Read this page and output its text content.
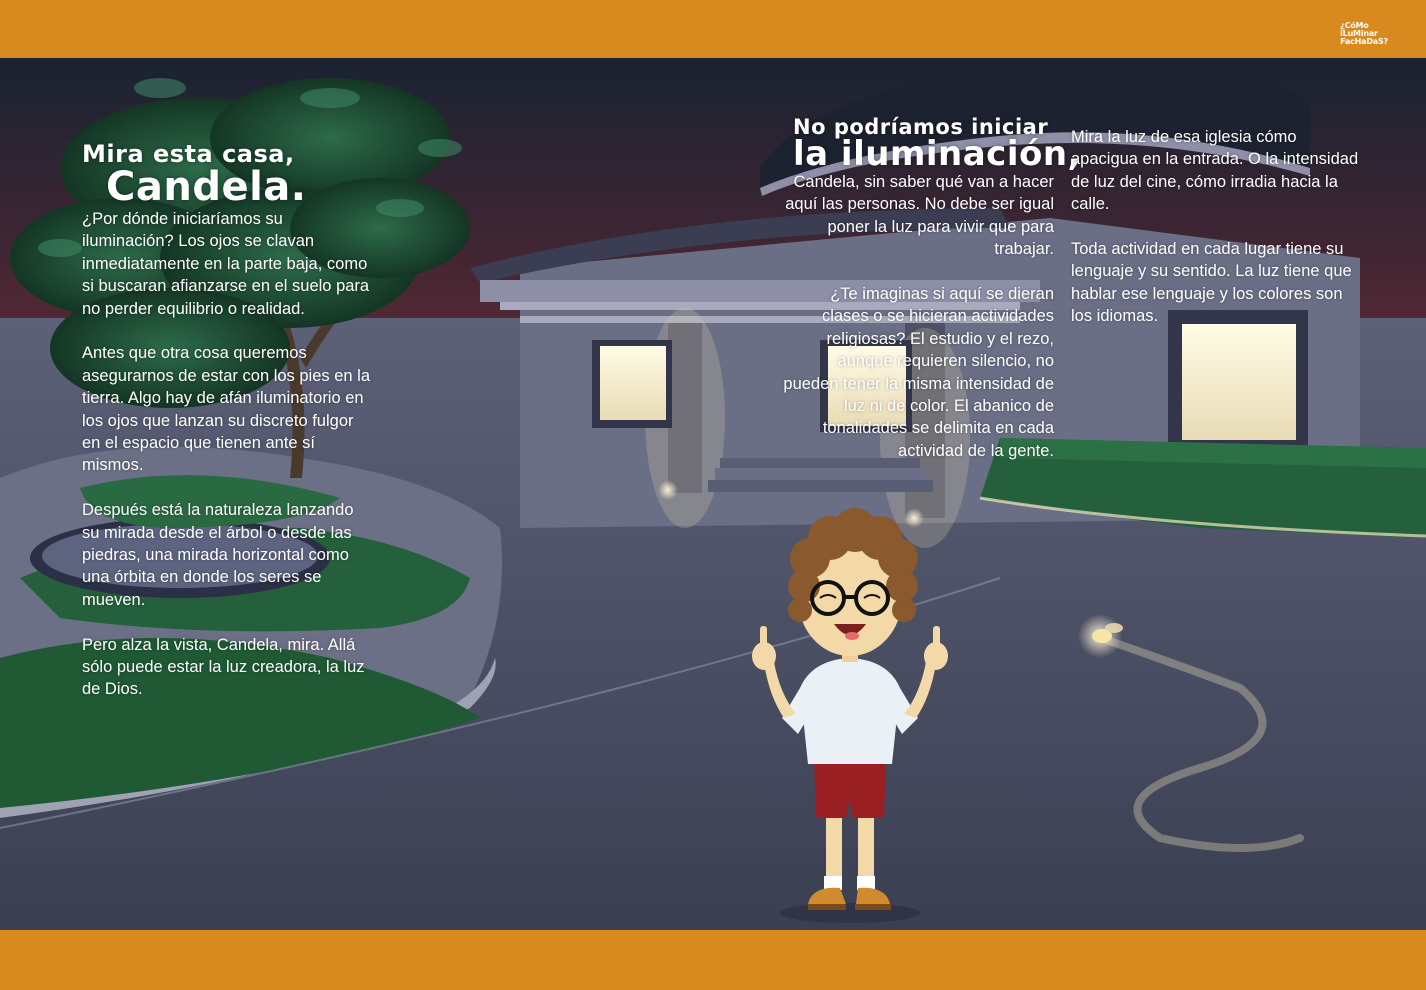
¿CóMo
iLuMinar
FacHaDaS?
Mira esta casa,
Candela.

¿Por dónde iniciaríamos su iluminación? Los ojos se clavan inmediatamente en la parte baja, como si buscaran afianzarse en el suelo para no perder equilibrio o realidad.

Antes que otra cosa queremos asegurarnos de estar con los pies en la tierra. Algo hay de afán iluminatorio en los ojos que lanzan su discreto fulgor en el espacio que tienen ante sí mismos.

Después está la naturaleza lanzando su mirada desde el árbol o desde las piedras, una mirada horizontal como una órbita en donde los seres se mueven.

Pero alza la vista, Candela, mira. Allá sólo puede estar la luz creadora, la luz de Dios.

No podríamos iniciar
la iluminación,

Candela, sin saber qué van a hacer aquí las personas. No debe ser igual poner la luz para vivir que para trabajar.

¿Te imaginas si aquí se dieran clases o se hicieran actividades religiosas? El estudio y el rezo, aunque requieren silencio, no pueden tener la misma intensidad de luz ni de color. El abanico de tonalidades se delimita en cada actividad de la gente.

Mira la luz de esa iglesia cómo apacigua en la entrada. O la intensidad de luz del cine, cómo irradia hacia la calle.

Toda actividad en cada lugar tiene su lenguaje y su sentido. La luz tiene que hablar ese lenguaje y los colores son los idiomas.
